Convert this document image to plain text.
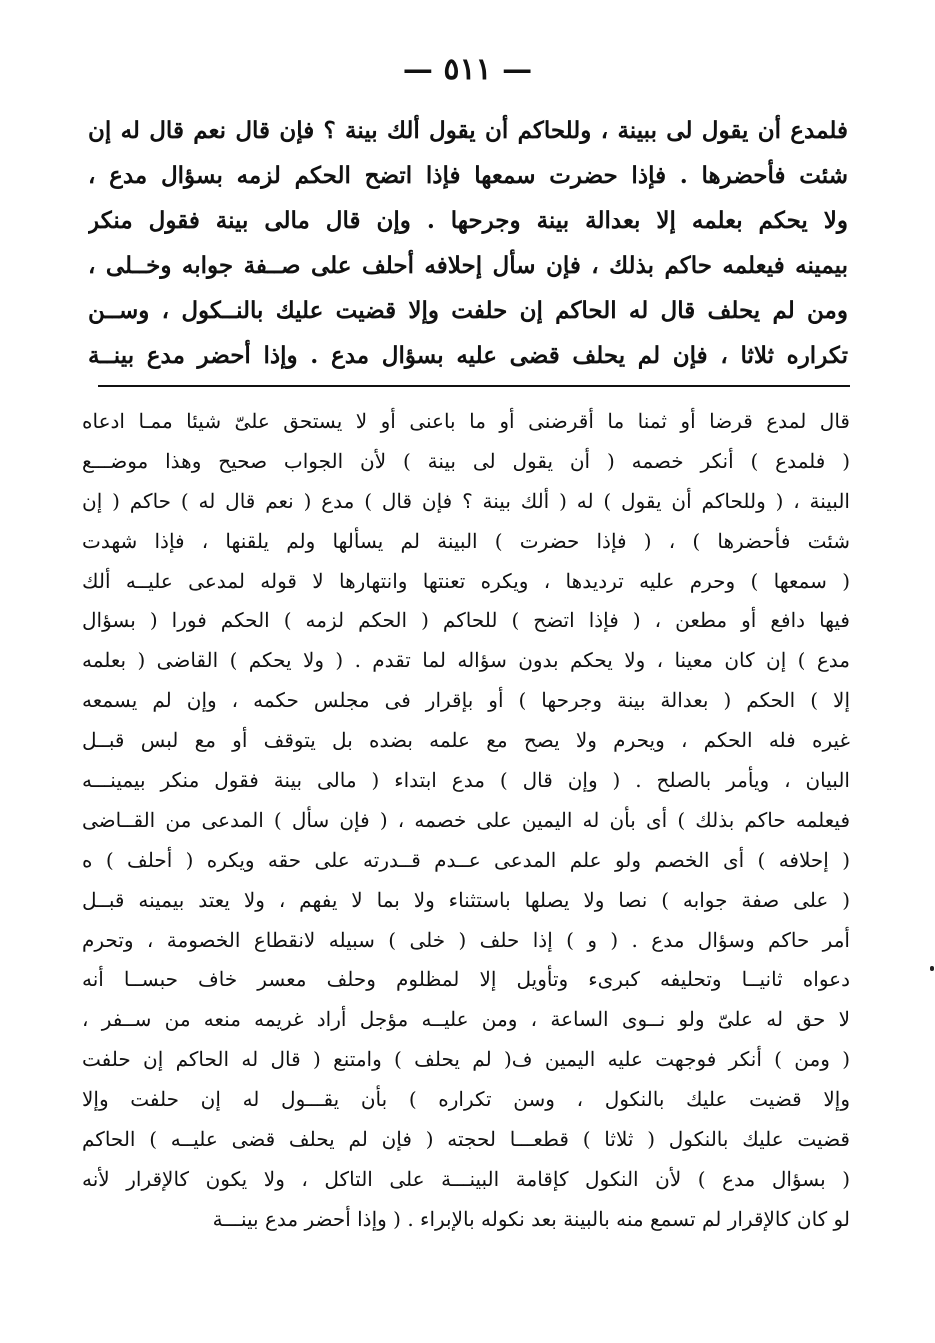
— ٥١١ —
فلمدع أن يقول لى ببينة ، وللحاكم أن يقول ألك بينة ؟ فإن قال نعم قال له إن
شئت فأحضرها . فإذا حضرت سمعها فإذا اتضح الحكم لزمه بسؤال مدع ،
ولا يحكم بعلمه إلا بعدالة بينة وجرحها . وإن قال مالى بينة فقول منكر
بيمينه فيعلمه حاكم بذلك ، فإن سأل إحلافه أحلف على صــفة جوابه وخــلى ،
ومن لم يحلف قال له الحاكم إن حلفت وإلا قضيت عليك بالنــكول ، وســن
تكراره ثلاثا ، فإن لم يحلف قضى عليه بسؤال مدع . وإذا أحضر مدع بينــة
قال لمدع قرضا أو ثمنا ما أقرضنى أو ما باعنى أو لا يستحق علىّ شيئا ممـا ادعاه
( فلمدع ) أنكر خصمه ( أن يقول لى بينة ) لأن الجواب صحيح وهذا موضـــع
البينة ، ( وللحاكم أن يقول ) له ( ألك بينة ؟ فإن قال ) مدع ( نعم قال له ) حاكم ( إن
شئت فأحضرها ) ، ( فإذا حضرت ) البينة لم يسألها ولم يلقنها ، فإذا شهدت
( سمعها ) وحرم عليه ترديدها ، ويكره تعنتها وانتهارها لا قوله لمدعى عليــه ألك
فيها دافع أو مطعن ، ( فإذا اتضح ) للحاكم ( الحكم لزمه ) الحكم فورا ( بسؤال
مدع ) إن كان معينا ، ولا يحكم بدون سؤاله لما تقدم . ( ولا يحكم ) القاضى ( بعلمه
إلا ) الحكم ( بعدالة بينة وجرحها ) أو بإقرار فى مجلس حكمه ، وإن لم يسمعه
غيره فله الحكم ، ويحرم ولا يصح مع علمه بضده بل يتوقف أو مع لبس قبــل
البيان ، ويأمر بالصلح . ( وإن قال ) مدع ابتداء ( مالى بينة فقول منكر بيمينـــه
فيعلمه حاكم بذلك ) أى بأن له اليمين على خصمه ، ( فإن سأل ) المدعى من القــاضى
( إحلافه ) أى الخصم ولو علم المدعى عــدم قــدرته على حقه ويكره ( أحلف ) ه
( على صفة جوابه ) نصا ولا يصلها باستثناء ولا بما لا يفهم ، ولا يعتد بيمينه قبــل
أمر حاكم وسؤال مدع . ( و ) إذا حلف ( خلى ) سبيله لانقطاع الخصومة ، وتحرم
دعواه ثانيــا وتحليفه كبرىء وتأويل إلا لمظلوم وحلف معسر خاف حبســا أنه
لا حق له علىّ ولو نــوى الساعة ، ومن عليــه مؤجل أراد غريمه منعه من ســفر ،
( ومن ) أنكر فوجهت عليه اليمين ف( لم يحلف ) وامتنع ( قال له الحاكم إن حلفت
وإلا قضيت عليك بالنكول ، وسن تكراره ) بأن يقـــول له إن حلفت وإلا
قضيت عليك بالنكول ( ثلاثا ) قطعـــا لحجته ( فإن لم يحلف قضى عليــه ) الحاكم
( بسؤال مدع ) لأن النكول كإقامة البينـــة على التاكل ، ولا يكون كالإقرار لأنه
لو كان كالإقرار لم تسمع منه بالبينة بعد نكوله بالإبراء . ( وإذا أحضر مدع بينـــة
